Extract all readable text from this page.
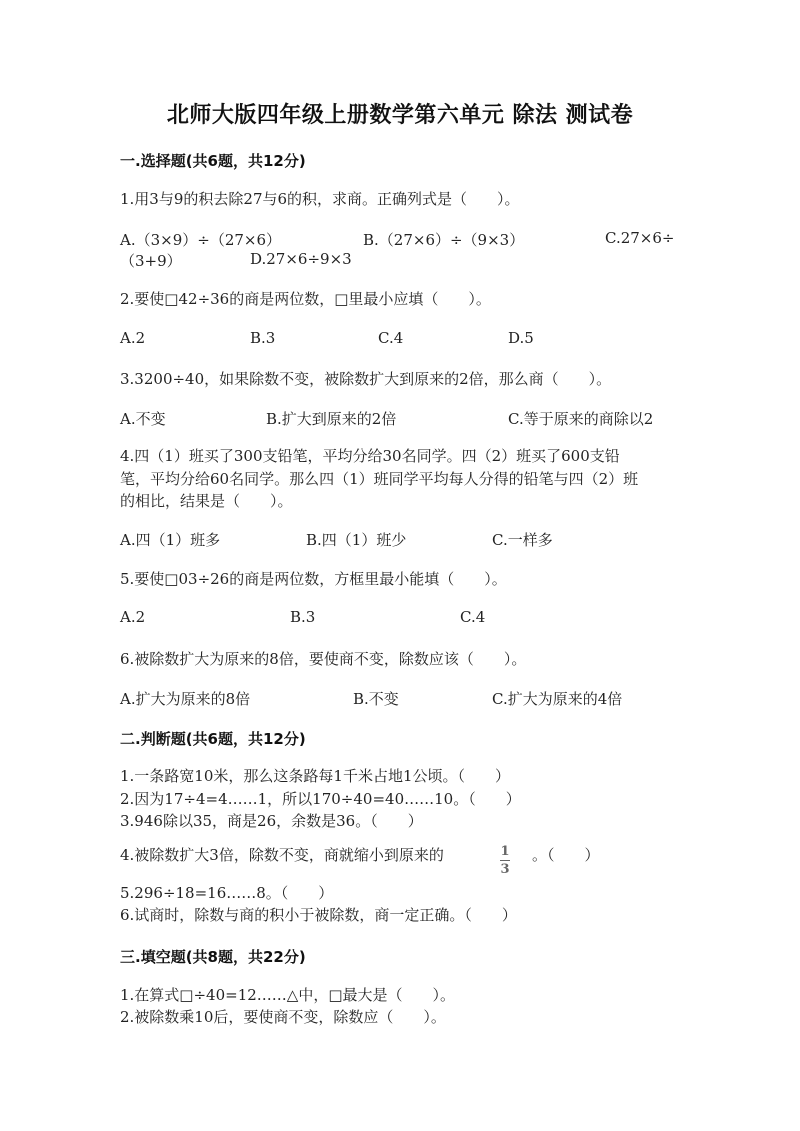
北师大版四年级上册数学第六单元 除法 测试卷
一.选择题(共6题，共12分)
1.用3与9的积去除27与6的积，求商。正确列式是（　　）。
A.（3×9）÷（27×6）	B.（27×6）÷（9×3）	C.27×6÷
（3+9）	D.27×6÷9×3
2.要使□42÷36的商是两位数，□里最小应填（　　）。
A.2	B.3	C.4	D.5
3.3200÷40，如果除数不变，被除数扩大到原来的2倍，那么商（　　）。
A.不变	B.扩大到原来的2倍	C.等于原来的商除以2
4.四（1）班买了300支铅笔，平均分给30名同学。四（2）班买了600支铅
笔，平均分给60名同学。那么四（1）班同学平均每人分得的铅笔与四（2）班
的相比，结果是（　　）。
A.四（1）班多	B.四（1）班少	C.一样多
5.要使□03÷26的商是两位数，方框里最小能填（　　）。
A.2	B.3	C.4
6.被除数扩大为原来的8倍，要使商不变，除数应该（　　）。
A.扩大为原来的8倍	B.不变	C.扩大为原来的4倍
二.判断题(共6题，共12分)
1.一条路宽10米，那么这条路每1千米占地1公顷。（　　）
2.因为17÷4=4……1，所以170÷40=40……10。（　　）
3.946除以35，商是26，余数是36。（　　）
4.被除数扩大3倍，除数不变，商就缩小到原来的	$\frac{1}{3}$ 。（　　）
5.296÷18=16……8。（　　）
6.试商时，除数与商的积小于被除数，商一定正确。（　　）
三.填空题(共8题，共22分)
1.在算式□÷40=12……△中，□最大是（　　）。
2.被除数乘10后，要使商不变，除数应（　　）。
